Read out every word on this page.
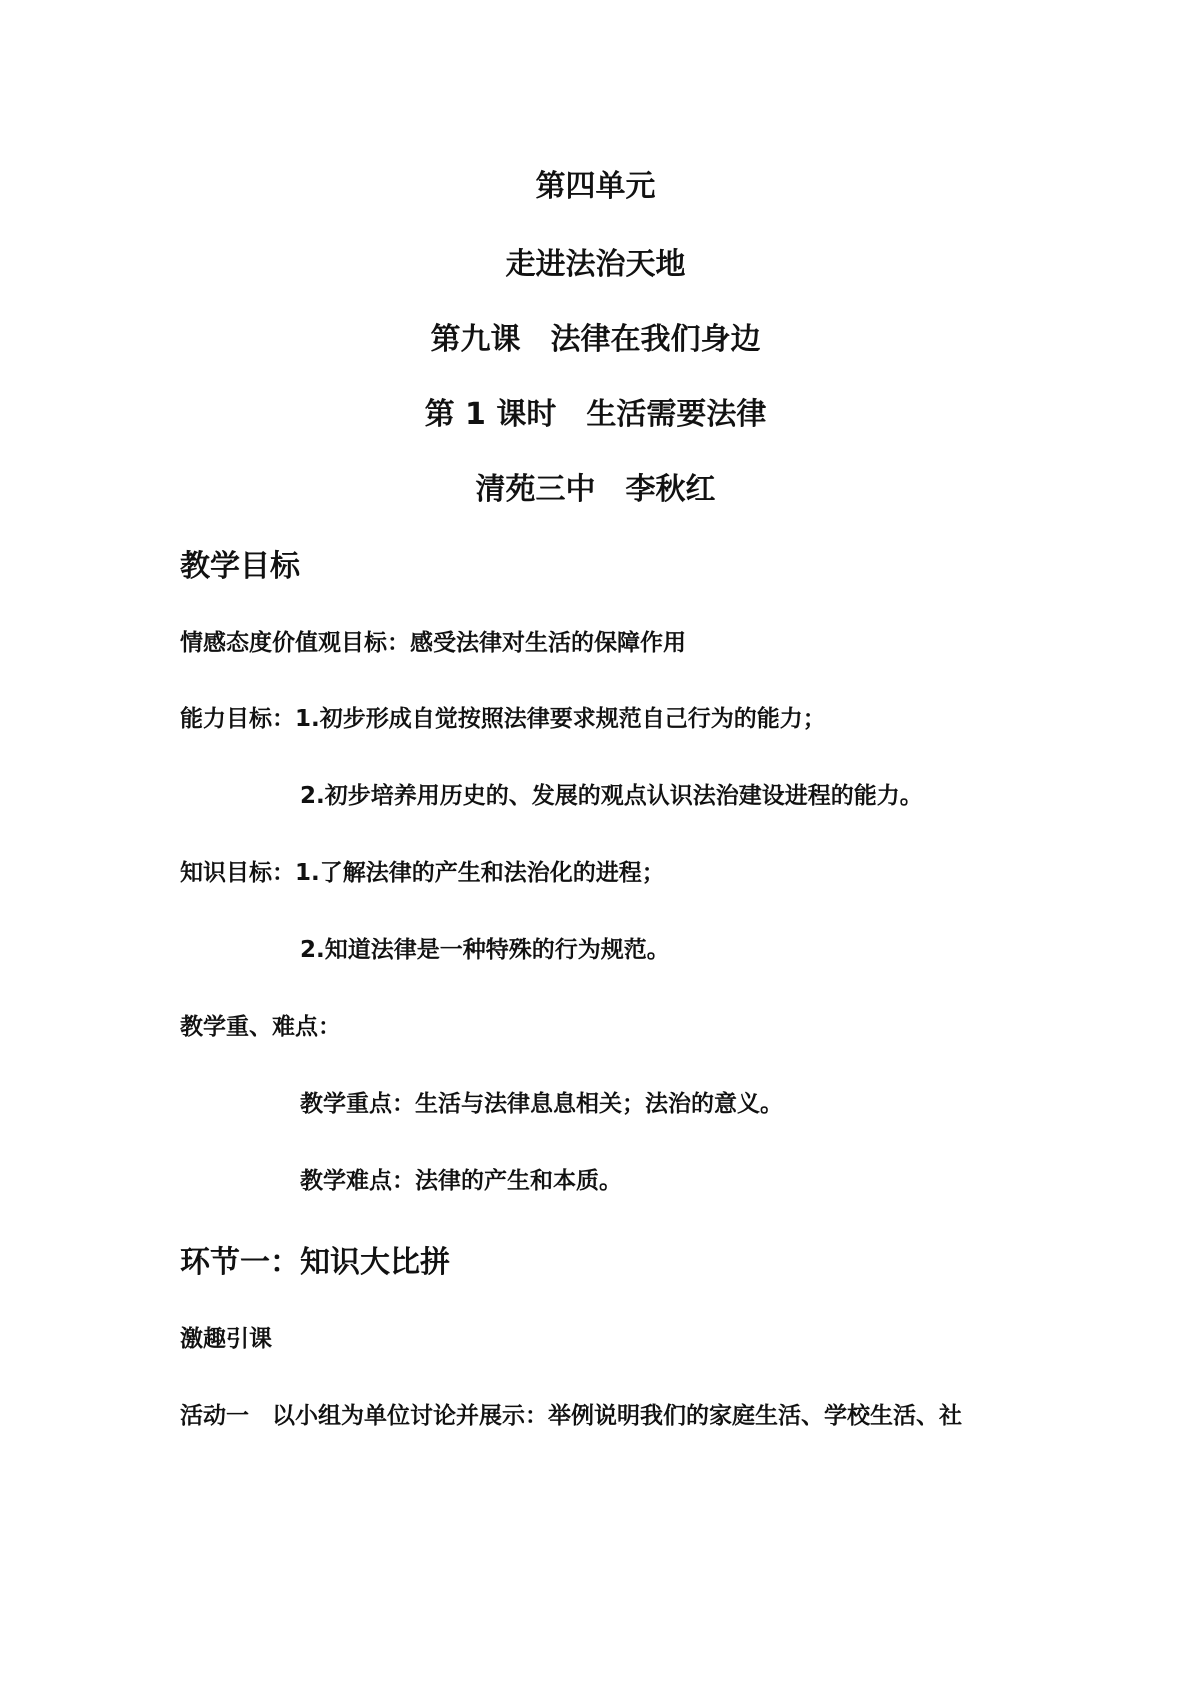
第四单元
走进法治天地
第九课　法律在我们身边
第 1 课时　生活需要法律
清苑三中　李秋红
教学目标
情感态度价值观目标：感受法律对生活的保障作用
能力目标：1.初步形成自觉按照法律要求规范自己行为的能力；
2.初步培养用历史的、发展的观点认识法治建设进程的能力。
知识目标：1.了解法律的产生和法治化的进程；
2.知道法律是一种特殊的行为规范。
教学重、难点：
教学重点：生活与法律息息相关；法治的意义。
教学难点：法律的产生和本质。
环节一：知识大比拼
激趣引课
活动一　以小组为单位讨论并展示：举例说明我们的家庭生活、学校生活、社
